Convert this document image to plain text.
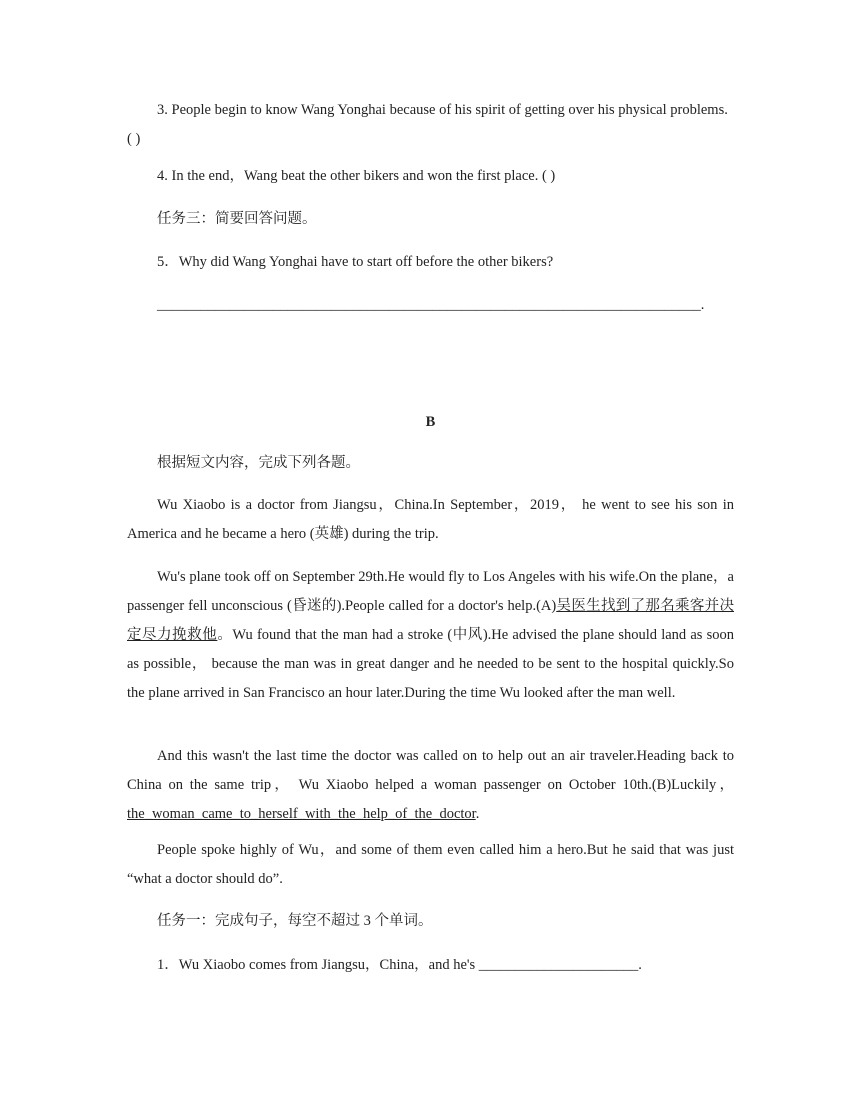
3. People begin to know Wang Yonghai because of his spirit of getting over his physical problems. ( )
4. In the end，Wang beat the other bikers and won the first place. ( )
任务三：简要回答问题。
5．Why did Wang Yonghai have to start off before the other bikers?
___________________________________________________________________________.
B
根据短文内容，完成下列各题。
Wu Xiaobo is a doctor from Jiangsu，China.In September，2019， he went to see his son in America and he became a hero (英雄) during the trip.
Wu's plane took off on September 29th.He would fly to Los Angeles with his wife.On the plane，a passenger fell unconscious (昏迷的).People called for a doctor's help.(A)吴医生找到了那名乘客并决定尽力挽救他。Wu found that the man had a stroke (中风).He advised the plane should land as soon as possible， because the man was in great danger and he needed to be sent to the hospital quickly.So the plane arrived in San Francisco an hour later.During the time Wu looked after the man well.
And this wasn't the last time the doctor was called on to help out an air traveler.Heading back to China on the same trip， Wu Xiaobo helped a woman passenger on October 10th.(B)Luckily，the_woman_came_to_herself_with_the_help_of_the_doctor.
People spoke highly of Wu，and some of them even called him a hero.But he said that was just “what a doctor should do”.
任务一：完成句子，每空不超过 3 个单词。
1．Wu Xiaobo comes from Jiangsu，China，and he's ______________________.
